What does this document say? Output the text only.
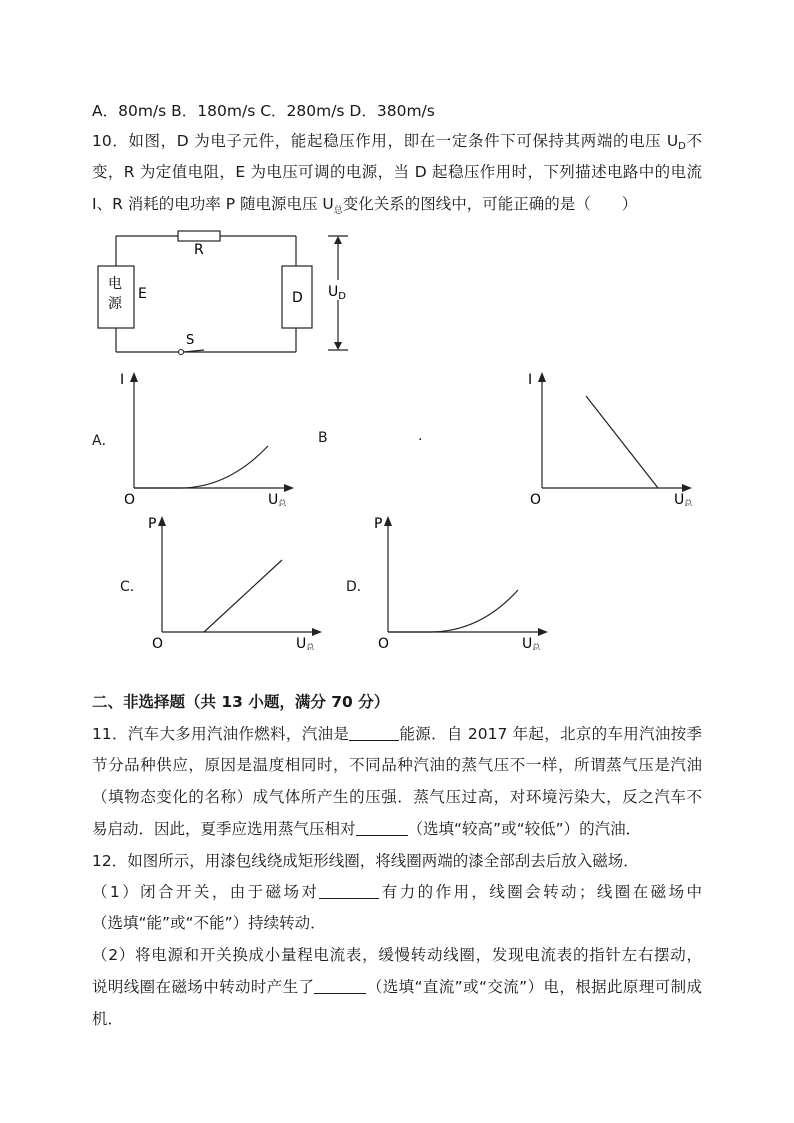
A．80m/s B．180m/s C．280m/s D．380m/s
10．如图，D 为电子元件，能起稳压作用，即在一定条件下可保持其两端的电压 $U_D$不
变，R 为定值电阻，E 为电压可调的电源，当 D 起稳压作用时，下列描述电路中的电流
I、R 消耗的电功率 P 随电源电压 $U_总$变化关系的图线中，可能正确的是（　　）
R
电
源
E	D
S
$U_D$
A．
I
O	U总
B	.
I
O	U总
C．
P
O	U总
D．
P
O	U总
二、非选择题（共 13 小题，满分 70 分）
11．汽车大多用汽油作燃料，汽油是	能源．自 2017 年起，北京的车用汽油按季
节分品种供应，原因是温度相同时，不同品种汽油的蒸气压不一样，所谓蒸气压是汽油
（填物态变化的名称）成气体所产生的压强．蒸气压过高，对环境污染大，反之汽车不
易启动．因此，夏季应选用蒸气压相对	（选填“较高”或“较低”）的汽油．
12．如图所示，用漆包线绕成矩形线圈，将线圈两端的漆全部刮去后放入磁场．
（1）闭合开关，由于磁场对	有力的作用，线圈会转动；线圈在磁场中
（选填“能”或“不能”）持续转动．
（2）将电源和开关换成小量程电流表，缓慢转动线圈，发现电流表的指针左右摆动，
说明线圈在磁场中转动时产生了	（选填“直流”或“交流”）电，根据此原理可制成
机．
